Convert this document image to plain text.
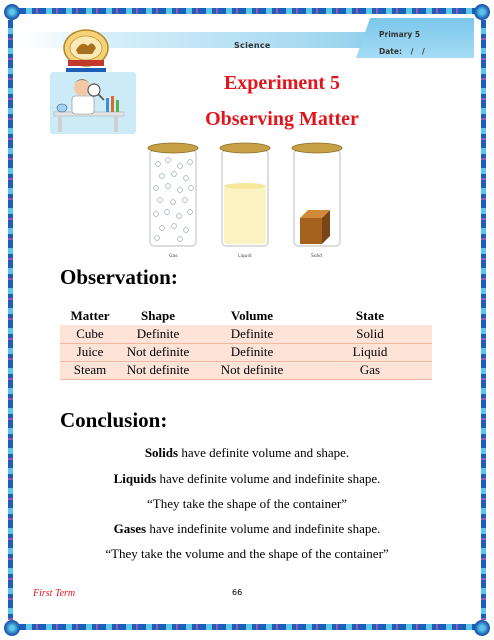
Science
Primary 5
Date: / /
Experiment 5
Observing Matter
Gas	Liquid	Solid
Observation:
Matter	Shape	Volume	State
Cube	Definite	Definite	Solid
Juice	Not definite	Definite	Liquid
Steam	Not definite	Not definite	Gas
Conclusion:
Solids have definite volume and shape.
Liquids have definite volume and indefinite shape.
“They take the shape of the container”
Gases have indefinite volume and indefinite shape.
“They take the volume and the shape of the container”
First Term	66
